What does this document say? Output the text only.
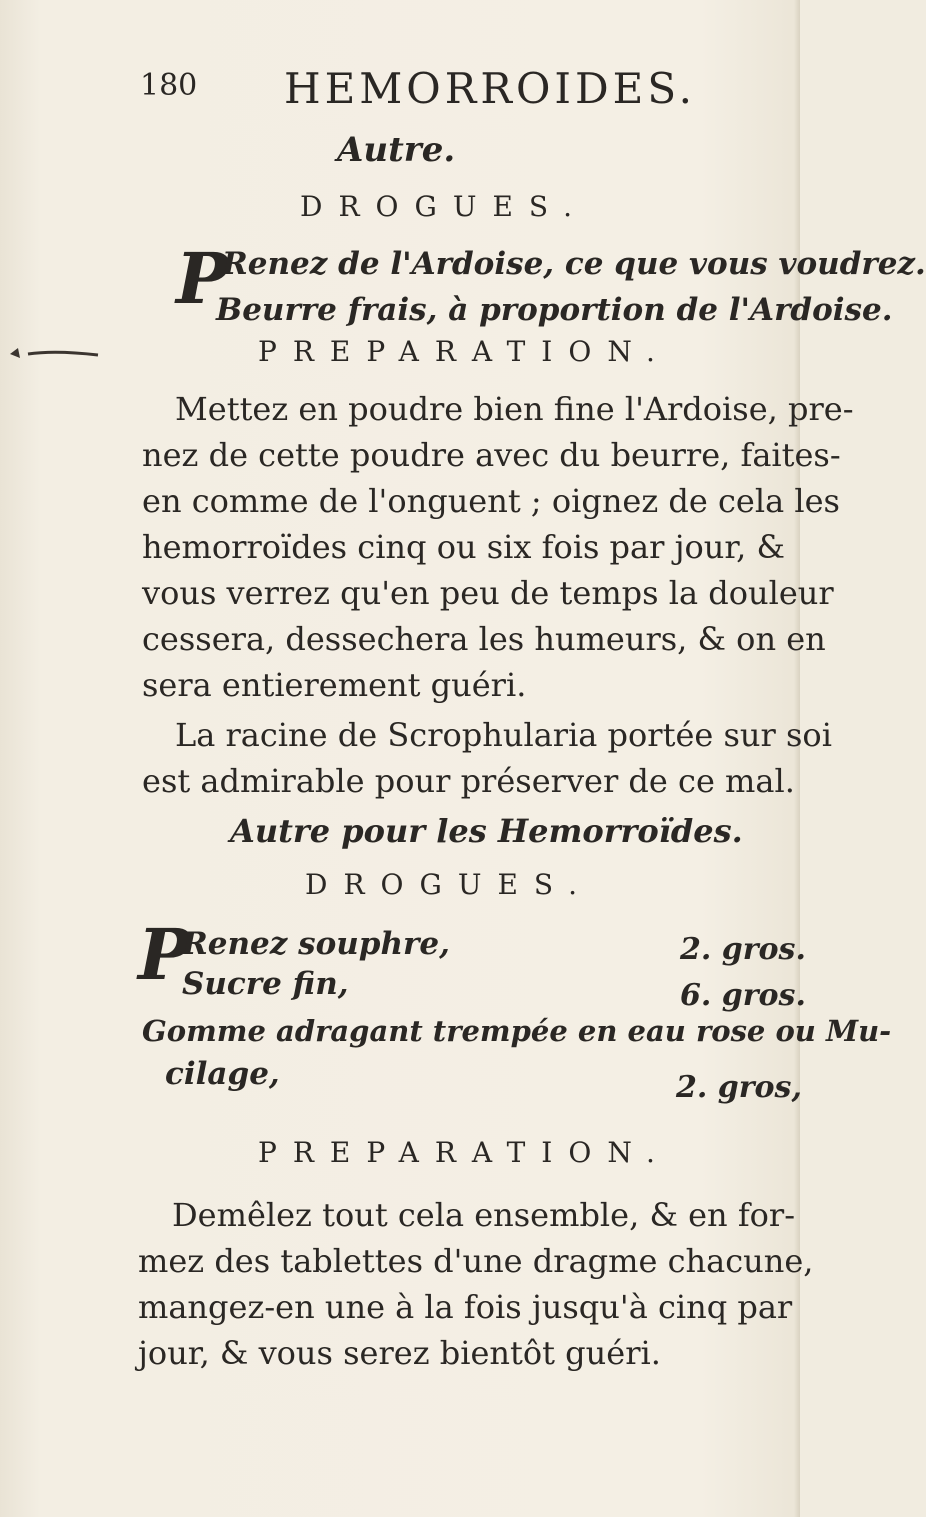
180 HEMORROIDES.
Autre.
DROGUES.
P
Renez de l'Ardoise, ce que vous voudrez.
Beurre frais, à proportion de l'Ardoise.
PREPARATION.
Mettez en poudre bien fine l'Ardoise, pre-
nez de cette poudre avec du beurre, faites-
en comme de l'onguent ; oignez de cela les
hemorroïdes cinq ou six fois par jour, &
vous verrez qu'en peu de temps la douleur
cessera, dessechera les humeurs, & on en
sera entierement guéri.
La racine de Scrophularia portée sur soi
est admirable pour préserver de ce mal.
Autre pour les Hemorroïdes.
DROGUES.
P
Renez souphre,	2. gros.
Sucre fin,	6. gros.
Gomme adragant trempée en eau rose ou Mu-
cilage,	2. gros,
PREPARATION.
Demêlez tout cela ensemble, & en for-
mez des tablettes d'une dragme chacune,
mangez-en une à la fois jusqu'à cinq par
jour, & vous serez bientôt guéri.
